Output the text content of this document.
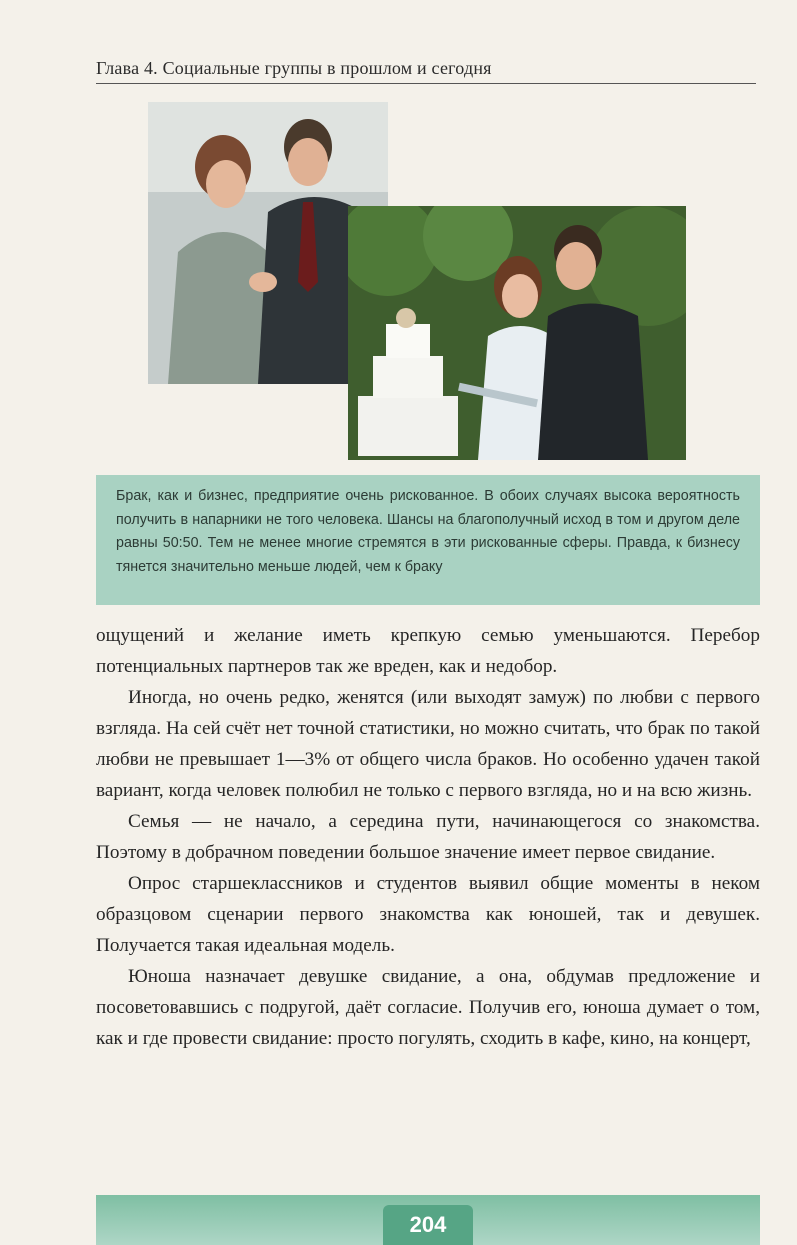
Глава 4. Социальные группы в прошлом и сегодня
Брак, как и бизнес, предприятие очень рискованное. В обоих случаях высока вероятность получить в напарники не того человека. Шансы на благополучный исход в том и другом деле равны 50:50. Тем не менее многие стремятся в эти рискованные сферы. Правда, к бизнесу тянется значительно меньше людей, чем к браку

ощущений и желание иметь крепкую семью уменьшаются. Перебор потенциальных партнеров так же вреден, как и недобор.

Иногда, но очень редко, женятся (или выходят замуж) по любви с первого взгляда. На сей счёт нет точной статистики, но можно считать, что брак по такой любви не превышает 1—3% от общего числа браков. Но особенно удачен такой вариант, когда человек полюбил не только с первого взгляда, но и на всю жизнь.

Семья — не начало, а середина пути, начинающегося со знакомства. Поэтому в добрачном поведении большое значение имеет первое свидание.

Опрос старшеклассников и студентов выявил общие моменты в неком образцовом сценарии первого знакомства как юношей, так и девушек. Получается такая идеальная модель.

Юноша назначает девушке свидание, а она, обдумав предложение и посоветовавшись с подругой, даёт согласие. Получив его, юноша думает о том, как и где провести свидание: просто погулять, сходить в кафе, кино, на концерт,

204
